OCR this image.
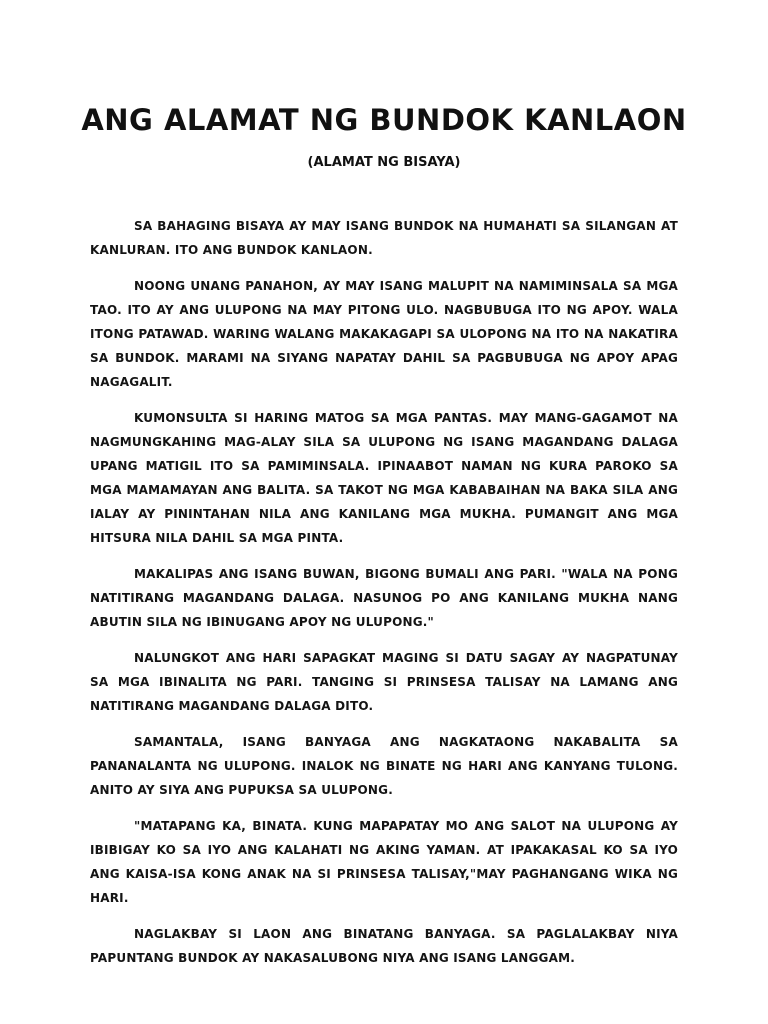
ANG ALAMAT NG BUNDOK KANLAON
(ALAMAT NG BISAYA)

SA BAHAGING BISAYA AY MAY ISANG BUNDOK NA HUMAHATI SA SILANGAN AT KANLURAN. ITO ANG BUNDOK KANLAON.

NOONG UNANG PANAHON, AY MAY ISANG MALUPIT NA NAMIMINSALA SA MGA TAO. ITO AY ANG ULUPONG NA MAY PITONG ULO. NAGBUBUGA ITO NG APOY. WALA ITONG PATAWAD. WARING WALANG MAKAKAGAPI SA ULOPONG NA ITO NA NAKATIRA SA BUNDOK. MARAMI NA SIYANG NAPATAY DAHIL SA PAGBUBUGA NG APOY APAG NAGAGALIT.

KUMONSULTA SI HARING MATOG SA MGA PANTAS. MAY MANG-GAGAMOT NA NAGMUNGKAHING MAG-ALAY SILA SA ULUPONG NG ISANG MAGANDANG DALAGA UPANG MATIGIL ITO SA PAMIMINSALA. IPINAABOT NAMAN NG KURA PAROKO SA MGA MAMAMAYAN ANG BALITA. SA TAKOT NG MGA KABABAIHAN NA BAKA SILA ANG IALAY AY PININTAHAN NILA ANG KANILANG MGA MUKHA. PUMANGIT ANG MGA HITSURA NILA DAHIL SA MGA PINTA.

MAKALIPAS ANG ISANG BUWAN, BIGONG BUMALI ANG PARI. "WALA NA PONG NATITIRANG MAGANDANG DALAGA. NASUNOG PO ANG KANILANG MUKHA NANG ABUTIN SILA NG IBINUGANG APOY NG ULUPONG."

NALUNGKOT ANG HARI SAPAGKAT MAGING SI DATU SAGAY AY NAGPATUNAY SA MGA IBINALITA NG PARI. TANGING SI PRINSESA TALISAY NA LAMANG ANG NATITIRANG MAGANDANG DALAGA DITO.

SAMANTALA, ISANG BANYAGA ANG NAGKATAONG NAKABALITA SA PANANALANTA NG ULUPONG. INALOK NG BINATE NG HARI ANG KANYANG TULONG. ANITO AY SIYA ANG PUPUKSA SA ULUPONG.

"MATAPANG KA, BINATA. KUNG MAPAPATAY MO ANG SALOT NA ULUPONG AY IBIBIGAY KO SA IYO ANG KALAHATI NG AKING YAMAN. AT IPAKAKASAL KO SA IYO ANG KAISA-ISA KONG ANAK NA SI PRINSESA TALISAY,"MAY PAGHANGANG WIKA NG HARI.

NAGLAKBAY SI LAON ANG BINATANG BANYAGA. SA PAGLALAKBAY NIYA PAPUNTANG BUNDOK AY NAKASALUBONG NIYA ANG ISANG LANGGAM.
